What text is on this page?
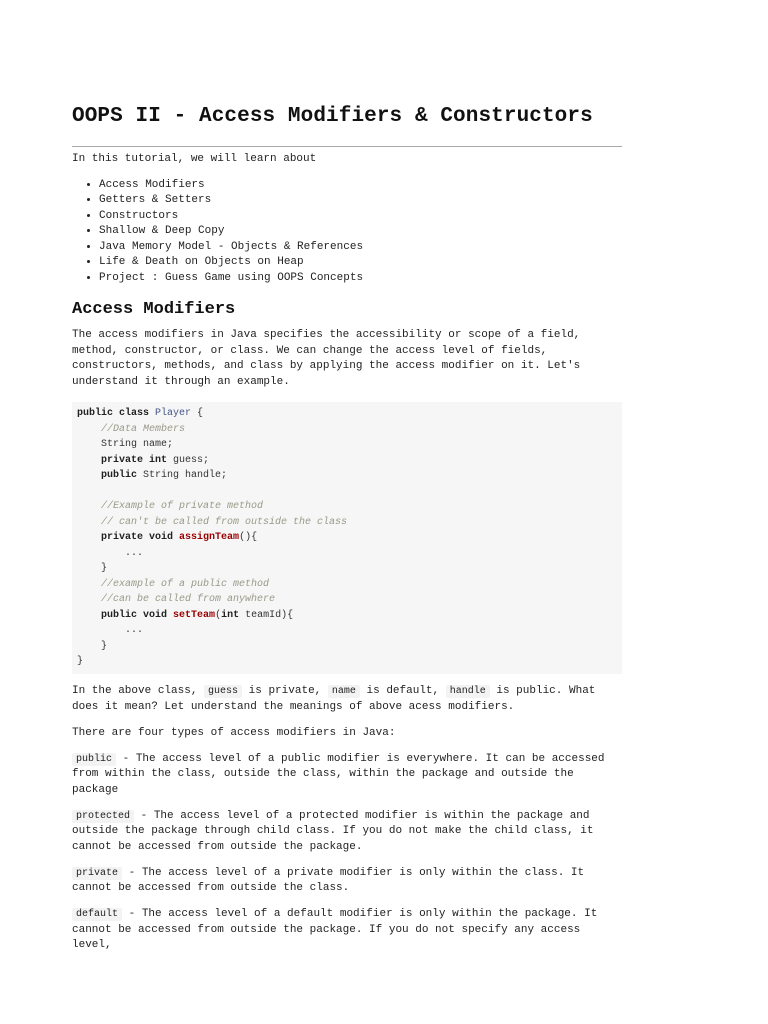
OOPS II - Access Modifiers & Constructors

In this tutorial, we will learn about

• Access Modifiers
• Getters & Setters
• Constructors
• Shallow & Deep Copy
• Java Memory Model - Objects & References
• Life & Death on Objects on Heap
• Project : Guess Game using OOPS Concepts
Access Modifiers

The access modifiers in Java specifies the accessibility or scope of a field, method, constructor, or class. We can change the access level of fields, constructors, methods, and class by applying the access modifier on it. Let's understand it through an example.

public class Player {
//Data Members
String name;
private int guess;
public String handle;
//Example of private method
// can't be called from outside the class
private void assignTeam(){
...
}
//example of a public method
//can be called from anywhere
public void setTeam(int teamId){
...
}
}

In the above class, guess is private, name is default, handle is public. What does it mean? Let understand the meanings of above acess modifiers.

There are four types of access modifiers in Java:

public - The access level of a public modifier is everywhere. It can be accessed from within the class, outside the class, within the package and outside the package

protected - The access level of a protected modifier is within the package and outside the package through child class. If you do not make the child class, it cannot be accessed from outside the package.

private - The access level of a private modifier is only within the class. It cannot be accessed from outside the class.

default - The access level of a default modifier is only within the package. It cannot be accessed from outside the package. If you do not specify any access level,
